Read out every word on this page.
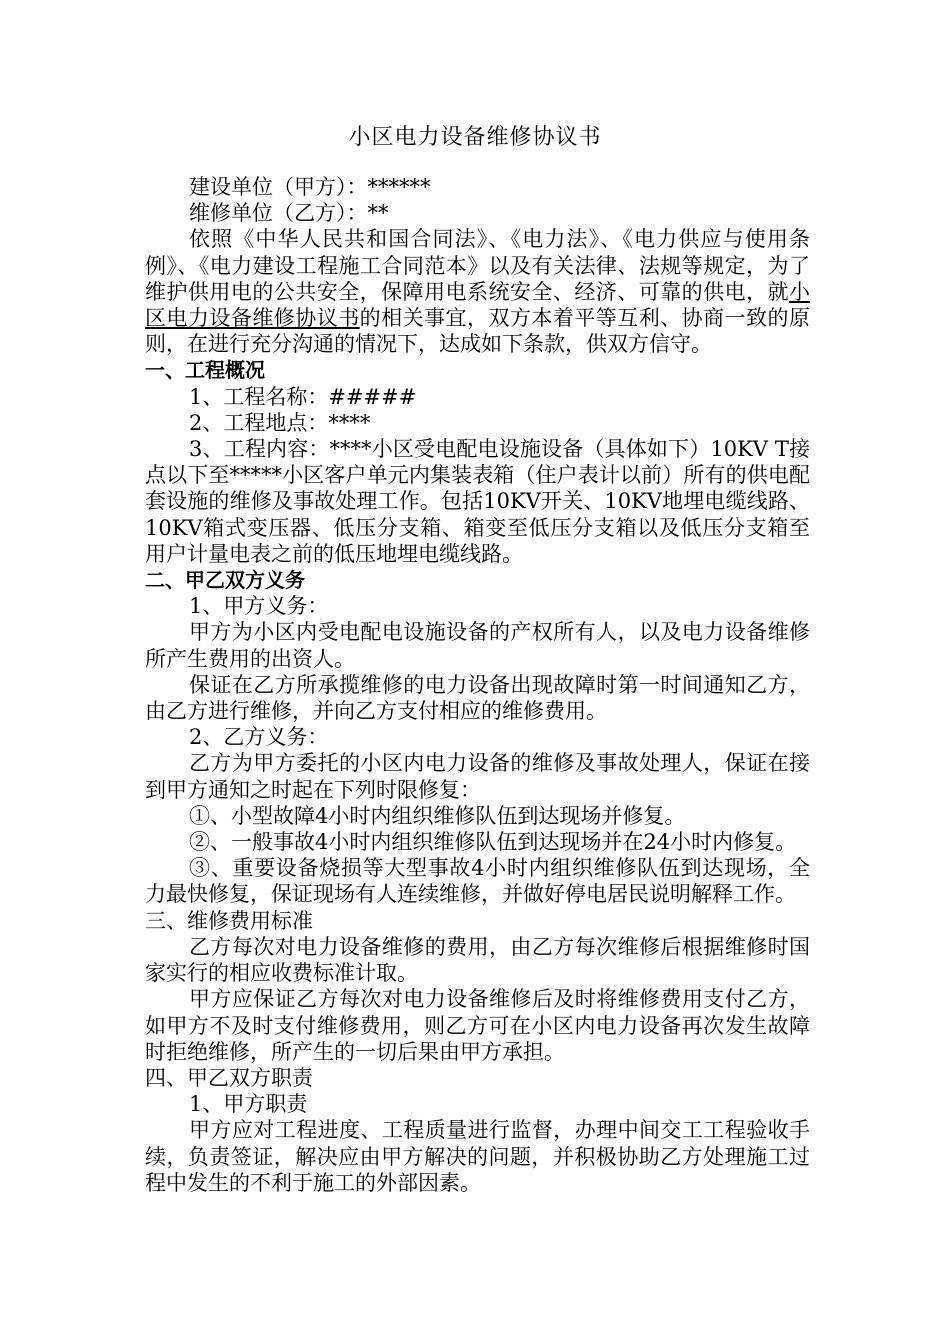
小区电力设备维修协议书

建设单位（甲方）：******

维修单位（乙方）：**

依照《中华人民共和国合同法》、《电力法》、《电力供应与使用条例》、《电力建设工程施工合同范本》以及有关法律、法规等规定，为了维护供用电的公共安全，保障用电系统安全、经济、可靠的供电，就小区电力设备维修协议书的相关事宜，双方本着平等互利、协商一致的原则，在进行充分沟通的情况下，达成如下条款，供双方信守。

一、工程概况

1、工程名称：#####

2、工程地点：****

3、工程内容：****小区受电配电设施设备（具体如下）10KV T接点以下至*****小区客户单元内集装表箱（住户表计以前）所有的供电配套设施的维修及事故处理工作。包括10KV开关、10KV地埋电缆线路、10KV箱式变压器、低压分支箱、箱变至低压分支箱以及低压分支箱至用户计量电表之前的低压地埋电缆线路。

二、甲乙双方义务

1、甲方义务：

甲方为小区内受电配电设施设备的产权所有人，以及电力设备维修所产生费用的出资人。

保证在乙方所承揽维修的电力设备出现故障时第一时间通知乙方，由乙方进行维修，并向乙方支付相应的维修费用。

2、乙方义务：

乙方为甲方委托的小区内电力设备的维修及事故处理人，保证在接到甲方通知之时起在下列时限修复：

①、小型故障4小时内组织维修队伍到达现场并修复。

②、一般事故4小时内组织维修队伍到达现场并在24小时内修复。

③、重要设备烧损等大型事故4小时内组织维修队伍到达现场，全力最快修复，保证现场有人连续维修，并做好停电居民说明解释工作。

三、维修费用标准

乙方每次对电力设备维修的费用，由乙方每次维修后根据维修时国家实行的相应收费标准计取。

甲方应保证乙方每次对电力设备维修后及时将维修费用支付乙方，如甲方不及时支付维修费用，则乙方可在小区内电力设备再次发生故障时拒绝维修，所产生的一切后果由甲方承担。

四、甲乙双方职责

1、甲方职责

甲方应对工程进度、工程质量进行监督，办理中间交工工程验收手续，负责签证，解决应由甲方解决的问题，并积极协助乙方处理施工过程中发生的不利于施工的外部因素。
